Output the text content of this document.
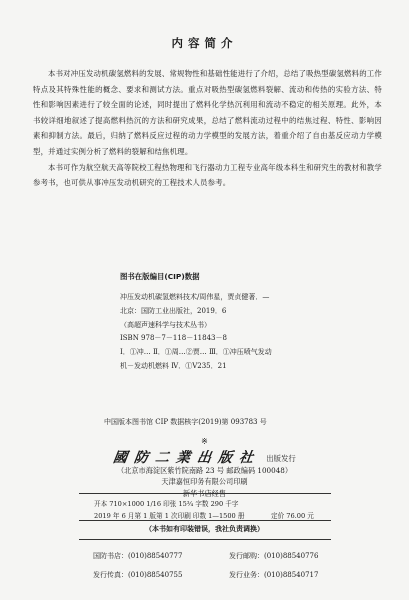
内容简介

本书对冲压发动机碳氢燃料的发展、常规物性和基础性能进行了介绍，总结了吸热型碳氢燃料的工作特点及其特殊性能的概念、要求和测试方法。重点对吸热型碳氢燃料裂解、流动和传热的实验方法、特性和影响因素进行了较全面的论述，同时提出了燃料化学热沉利用和流动不稳定的相关原理。此外，本书较详细地叙述了提高燃料热沉的方法和研究成果，总结了燃料流动过程中的结焦过程、特性、影响因素和抑制方法。最后，归纳了燃料反应过程的动力学模型的发展方法，着重介绍了自由基反应动力学模型，并通过实例分析了燃料的裂解和结焦机理。

本书可作为航空航天高等院校工程热物理和飞行器动力工程专业高年级本科生和研究生的教材和教学参考书，也可供从事冲压发动机研究的工程技术人员参考。

图书在版编目(CIP)数据
冲压发动机碳氢燃料技术/周伟星，贾贞健著．—
北京：国防工业出版社，2019．6
（高超声速科学与技术丛书）
ISBN 978－7－118－11843－8
Ⅰ．①冲… Ⅱ．①周…②贾… Ⅲ．①冲压喷气发动
机－发动机燃料 Ⅳ．①V235．21
中国版本图书馆 CIP 数据核字(2019)第 093783 号
※
國防二業出版社 出版发行
（北京市海淀区紫竹院南路 23 号 邮政编码 100048）
天津嘉恒印务有限公司印刷
新华书店经售
开本 710×1000 1/16 印张 15¾ 字数 290 千字
2019 年 6 月第 1 版第 1 次印刷 印数 1—1500 册	定价 76.00 元
（本书如有印装错误，我社负责调换）
国防书店：(010)88540777	发行邮购：(010)88540776
发行传真：(010)88540755	发行业务：(010)88540717
